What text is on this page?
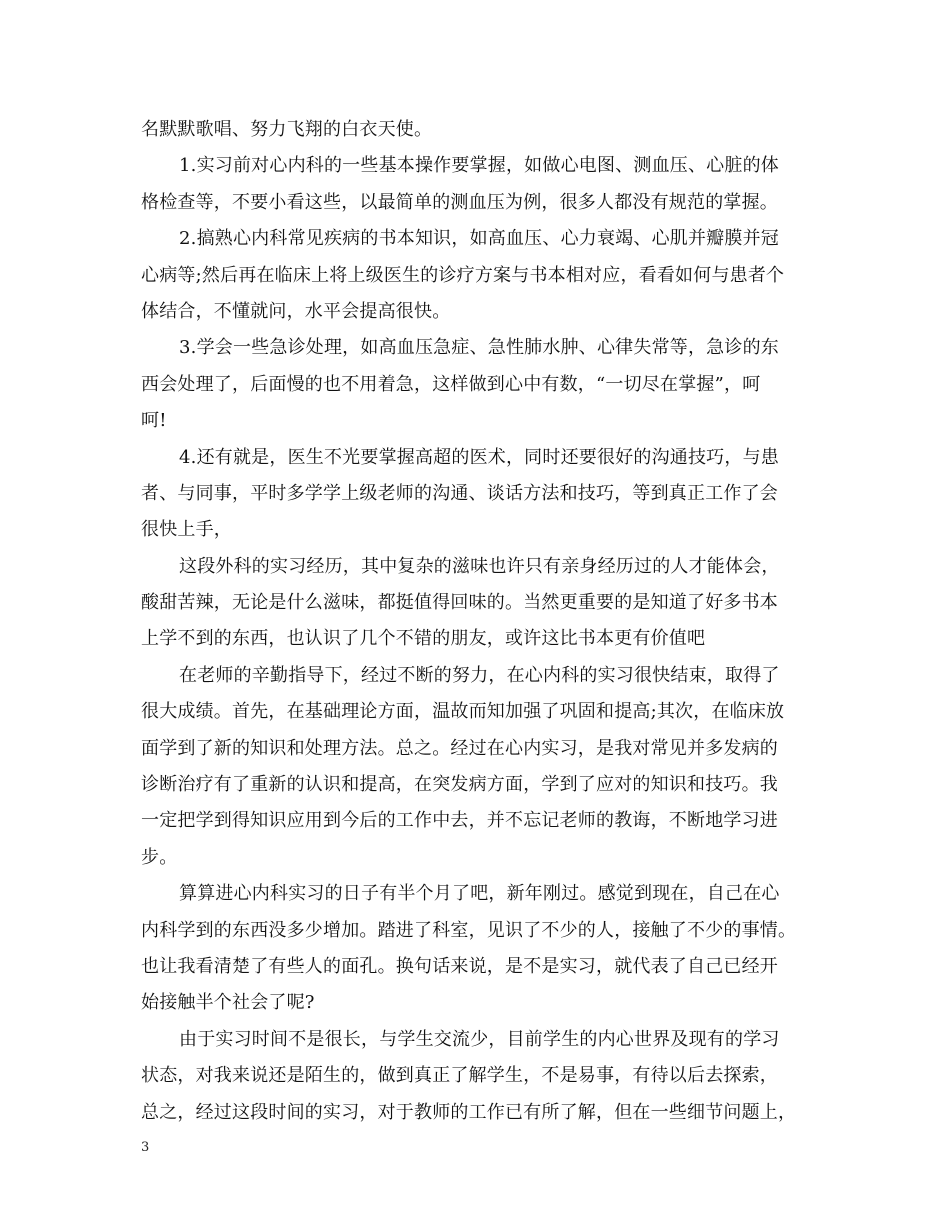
名默默歌唱、努力飞翔的白衣天使。
1.实习前对心内科的一些基本操作要掌握，如做心电图、测血压、心脏的体
格检查等，不要小看这些，以最简单的测血压为例，很多人都没有规范的掌握。
2.搞熟心内科常见疾病的书本知识，如高血压、心力衰竭、心肌并瓣膜并冠
心病等;然后再在临床上将上级医生的诊疗方案与书本相对应，看看如何与患者个
体结合，不懂就问，水平会提高很快。
3.学会一些急诊处理，如高血压急症、急性肺水肿、心律失常等，急诊的东
西会处理了，后面慢的也不用着急，这样做到心中有数，“一切尽在掌握”，呵
呵!
4.还有就是，医生不光要掌握高超的医术，同时还要很好的沟通技巧，与患
者、与同事，平时多学学上级老师的沟通、谈话方法和技巧，等到真正工作了会
很快上手，
这段外科的实习经历，其中复杂的滋味也许只有亲身经历过的人才能体会，
酸甜苦辣，无论是什么滋味，都挺值得回味的。当然更重要的是知道了好多书本
上学不到的东西，也认识了几个不错的朋友，或许这比书本更有价值吧
在老师的辛勤指导下，经过不断的努力，在心内科的实习很快结束，取得了
很大成绩。首先，在基础理论方面，温故而知加强了巩固和提高;其次，在临床放
面学到了新的知识和处理方法。总之。经过在心内实习，是我对常见并多发病的
诊断治疗有了重新的认识和提高，在突发病方面，学到了应对的知识和技巧。我
一定把学到得知识应用到今后的工作中去，并不忘记老师的教诲，不断地学习进
步。
算算进心内科实习的日子有半个月了吧，新年刚过。感觉到现在，自己在心
内科学到的东西没多少增加。踏进了科室，见识了不少的人，接触了不少的事情。
也让我看清楚了有些人的面孔。换句话来说，是不是实习，就代表了自己已经开
始接触半个社会了呢?
由于实习时间不是很长，与学生交流少，目前学生的内心世界及现有的学习
状态，对我来说还是陌生的，做到真正了解学生，不是易事，有待以后去探索，
总之，经过这段时间的实习，对于教师的工作已有所了解，但在一些细节问题上，
3
